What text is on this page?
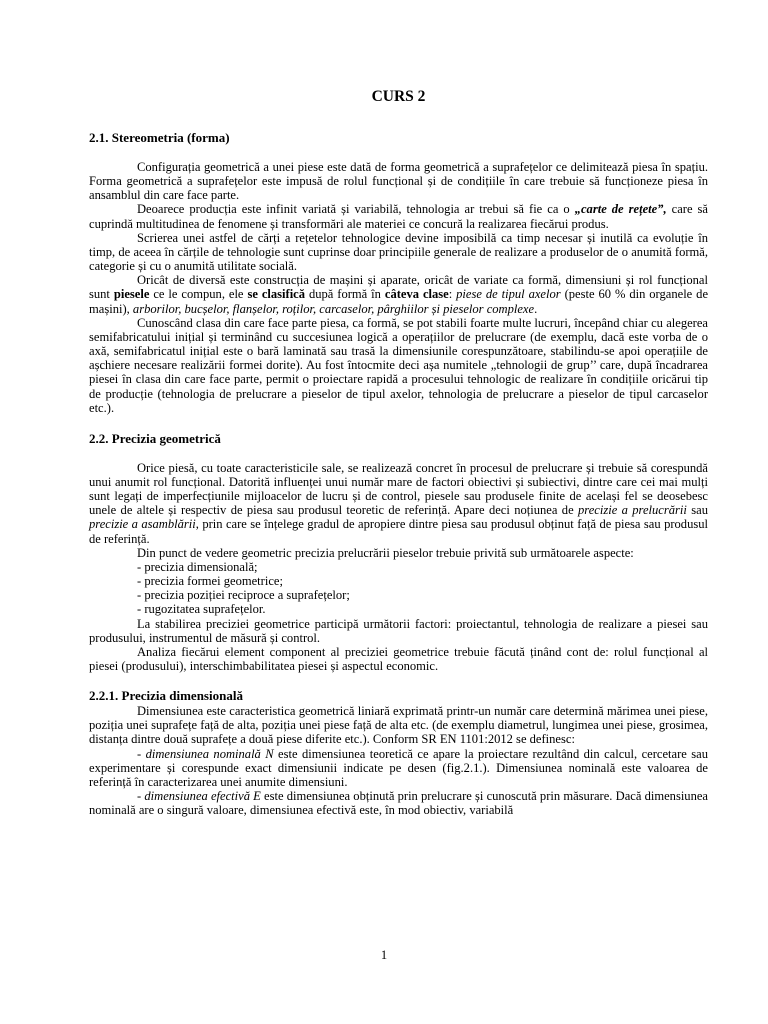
CURS 2
2.1. Stereometria (forma)

Configurația geometrică a unei piese este dată de forma geometrică a suprafețelor ce delimitează piesa în spațiu. Forma geometrică a suprafețelor este impusă de rolul funcțional și de condițiile în care trebuie să funcționeze piesa în ansamblul din care face parte.

Deoarece producția este infinit variată și variabilă, tehnologia ar trebui să fie ca o „carte de rețete”, care să cuprindă multitudinea de fenomene și transformări ale materiei ce concură la realizarea fiecărui produs.

Scrierea unei astfel de cărți a rețetelor tehnologice devine imposibilă ca timp necesar și inutilă ca evoluție în timp, de aceea în cărțile de tehnologie sunt cuprinse doar principiile generale de realizare a produselor de o anumită formă, categorie și cu o anumită utilitate socială.

Oricât de diversă este construcția de mașini și aparate, oricât de variate ca formă, dimensiuni și rol funcțional sunt piesele ce le compun, ele se clasifică după formă în câteva clase: piese de tipul axelor (peste 60 % din organele de mașini), arborilor, bucșelor, flanșelor, roților, carcaselor, pârghiilor și pieselor complexe.

Cunoscând clasa din care face parte piesa, ca formă, se pot stabili foarte multe lucruri, începând chiar cu alegerea semifabricatului inițial și terminând cu succesiunea logică a operațiilor de prelucrare (de exemplu, dacă este vorba de o axă, semifabricatul inițial este o bară laminată sau trasă la dimensiunile corespunzătoare, stabilindu-se apoi operațiile de așchiere necesare realizării formei dorite). Au fost întocmite deci așa numitele „tehnologii de grup’’ care, după încadrarea piesei în clasa din care face parte, permit o proiectare rapidă a procesului tehnologic de realizare în condițiile oricărui tip de producție (tehnologia de prelucrare a pieselor de tipul axelor, tehnologia de prelucrare a pieselor de tipul carcaselor etc.).

2.2. Precizia geometrică

Orice piesă, cu toate caracteristicile sale, se realizează concret în procesul de prelucrare și trebuie să corespundă unui anumit rol funcțional. Datorită influenței unui număr mare de factori obiectivi și subiectivi, dintre care cei mai mulți sunt legați de imperfecțiunile mijloacelor de lucru și de control, piesele sau produsele finite de același fel se deosebesc unele de altele și respectiv de piesa sau produsul teoretic de referință. Apare deci noțiunea de precizie a prelucrării sau precizie a asamblării, prin care se înțelege gradul de apropiere dintre piesa sau produsul obținut față de piesa sau produsul de referință.

Din punct de vedere geometric precizia prelucrării pieselor trebuie privită sub următoarele aspecte:

- precizia dimensională;
- precizia formei geometrice;
- precizia poziției reciproce a suprafețelor;
- rugozitatea suprafețelor.

La stabilirea preciziei geometrice participă următorii factori: proiectantul, tehnologia de realizare a piesei sau produsului, instrumentul de măsură și control.

Analiza fiecărui element component al preciziei geometrice trebuie făcută ținând cont de: rolul funcțional al piesei (produsului), interschimbabilitatea piesei și aspectul economic.

2.2.1. Precizia dimensională

Dimensiunea este caracteristica geometrică liniară exprimată printr-un număr care determină mărimea unei piese, poziția unei suprafețe față de alta, poziția unei piese față de alta etc. (de exemplu diametrul, lungimea unei piese, grosimea, distanța dintre două suprafețe a două piese diferite etc.). Conform SR EN 1101:2012 se definesc:

- dimensiunea nominală N este dimensiunea teoretică ce apare la proiectare rezultând din calcul, cercetare sau experimentare și corespunde exact dimensiunii indicate pe desen (fig.2.1.). Dimensiunea nominală este valoarea de referință în caracterizarea unei anumite dimensiuni.

- dimensiunea efectivă E este dimensiunea obținută prin prelucrare și cunoscută prin măsurare. Dacă dimensiunea nominală are o singură valoare, dimensiunea efectivă este, în mod obiectiv, variabilă

1
